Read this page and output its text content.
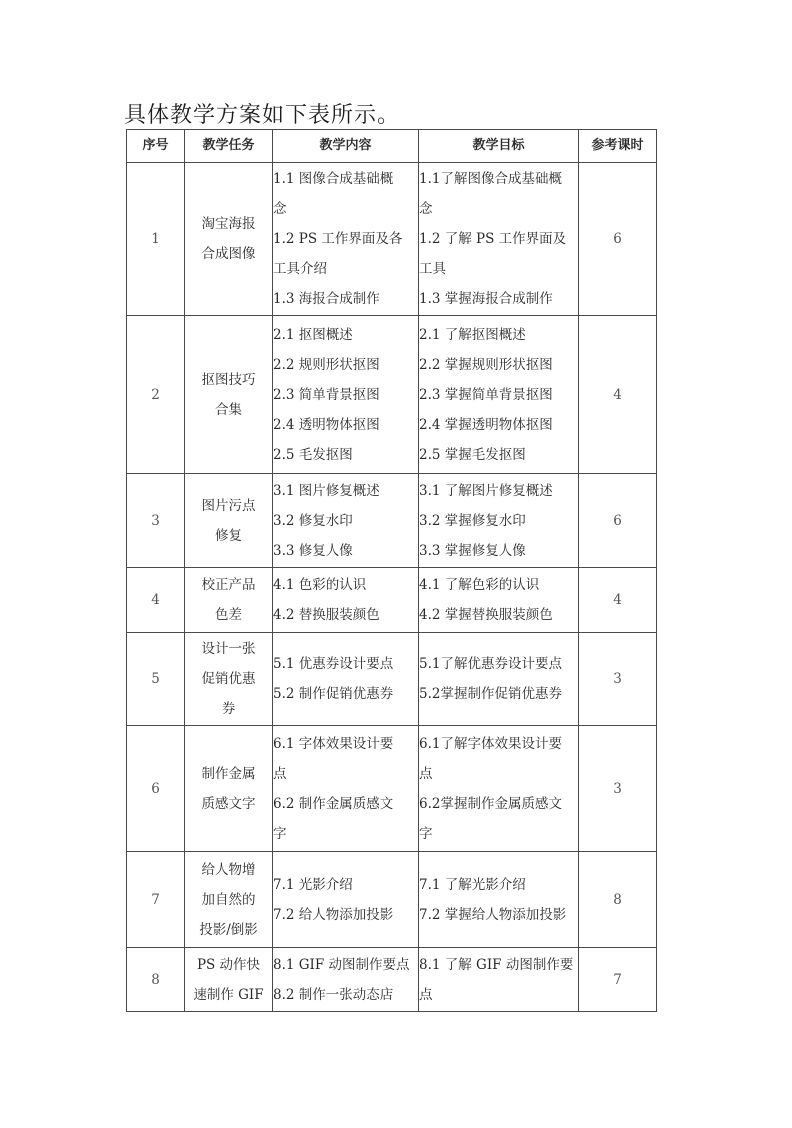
具体教学方案如下表所示。
序号	教学任务	教学内容	教学目标	参考课时
1	淘宝海报
合成图像	1.1 图像合成基础概
念
1.2 PS 工作界面及各
工具介绍
1.3 海报合成制作	1.1了解图像合成基础概
念
1.2 了解 PS 工作界面及
工具
1.3 掌握海报合成制作	6
2	抠图技巧
合集	2.1 抠图概述
2.2 规则形状抠图
2.3 简单背景抠图
2.4 透明物体抠图
2.5 毛发抠图	2.1 了解抠图概述
2.2 掌握规则形状抠图
2.3 掌握简单背景抠图
2.4 掌握透明物体抠图
2.5 掌握毛发抠图	4
3	图片污点
修复	3.1 图片修复概述
3.2 修复水印
3.3 修复人像	3.1 了解图片修复概述
3.2 掌握修复水印
3.3 掌握修复人像	6
4	校正产品
色差	4.1 色彩的认识
4.2 替换服装颜色	4.1 了解色彩的认识
4.2 掌握替换服装颜色	4
5	设计一张
促销优惠
券	5.1 优惠券设计要点
5.2 制作促销优惠券	5.1了解优惠券设计要点
5.2掌握制作促销优惠券	3
6	制作金属
质感文字	6.1 字体效果设计要
点
6.2 制作金属质感文
字	6.1了解字体效果设计要
点
6.2掌握制作金属质感文
字	3
7	给人物增
加自然的
投影/倒影	7.1 光影介绍
7.2 给人物添加投影	7.1 了解光影介绍
7.2 掌握给人物添加投影	8
8	PS 动作快
速制作 GIF	8.1 GIF 动图制作要点
8.2 制作一张动态店	8.1 了解 GIF 动图制作要
点	7
